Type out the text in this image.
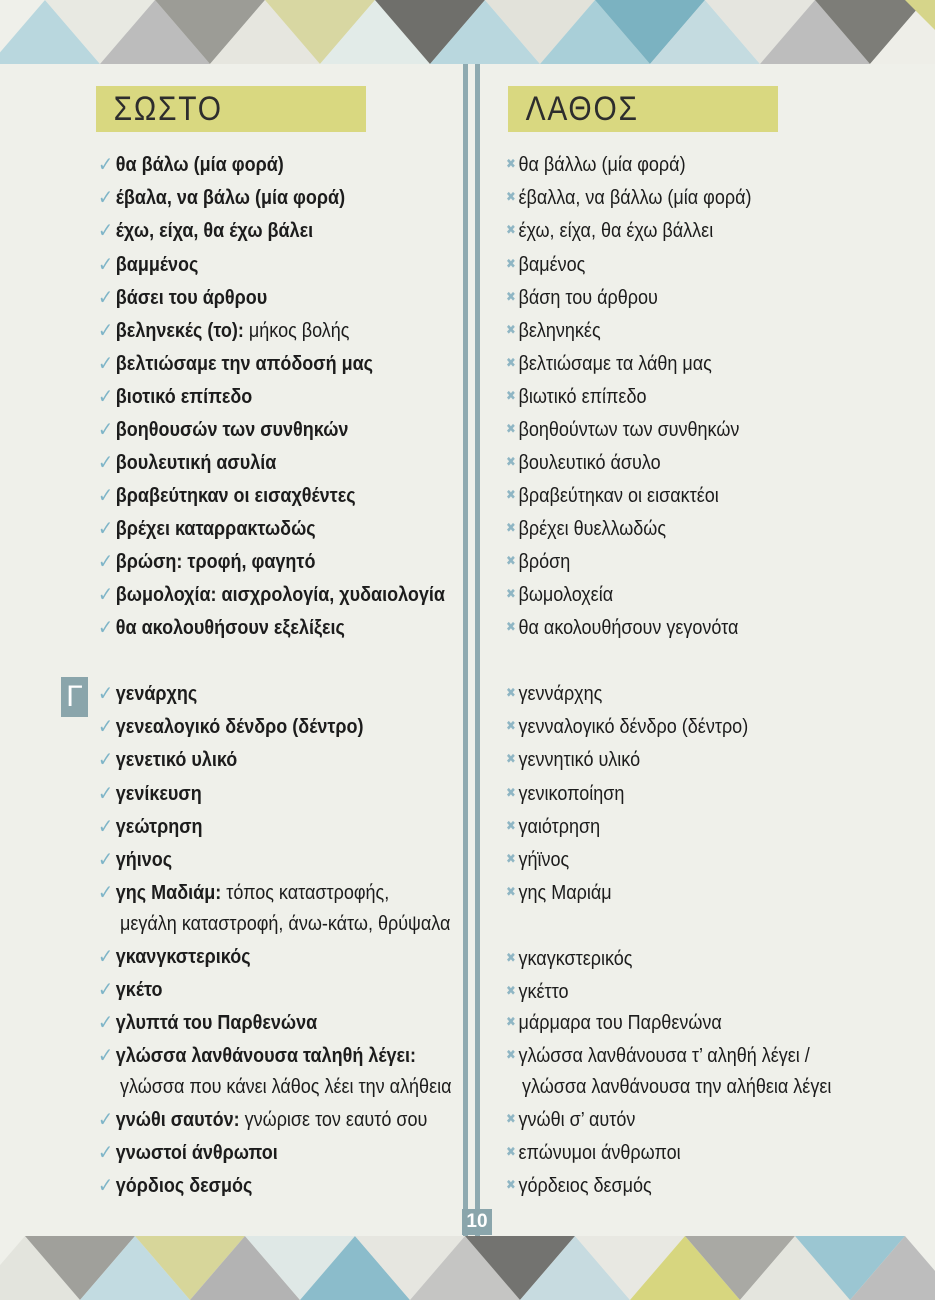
ΣΩΣΤΟ	ΛΑΘΟΣ
Γ
✓ θα βάλω (μία φορά)
✓ έβαλα, να βάλω (μία φορά)
✓ έχω, είχα, θα έχω βάλει
✓ βαμμένος
✓ βάσει του άρθρου
✓ βεληνεκές (το): μήκος βολής
✓ βελτιώσαμε την απόδοσή μας
✓ βιοτικό επίπεδο
✓ βοηθουσών των συνθηκών
✓ βουλευτική ασυλία
✓ βραβεύτηκαν οι εισαχθέντες
✓ βρέχει καταρρακτωδώς
✓ βρώση: τροφή, φαγητό
✓ βωμολοχία: αισχρολογία, χυδαιολογία
✓ θα ακολουθήσουν εξελίξεις
✓ γενάρχης
✓ γενεαλογικό δένδρο (δέντρο)
✓ γενετικό υλικό
✓ γενίκευση
✓ γεώτρηση
✓ γήινος
✓ γης Μαδιάμ: τόπος καταστροφής,
μεγάλη καταστροφή, άνω-κάτω, θρύψαλα
✓ γκανγκστερικός
✓ γκέτο
✓ γλυπτά του Παρθενώνα
✓ γλώσσα λανθάνουσα ταληθή λέγει:
γλώσσα που κάνει λάθος λέει την αλήθεια
✓ γνώθι σαυτόν: γνώρισε τον εαυτό σου
✓ γνωστοί άνθρωποι
✓ γόρδιος δεσμός
✖ θα βάλλω (μία φορά)
✖ έβαλλα, να βάλλω (μία φορά)
✖ έχω, είχα, θα έχω βάλλει
✖ βαμένος
✖ βάση του άρθρου
✖ βεληνηκές
✖ βελτιώσαμε τα λάθη μας
✖ βιωτικό επίπεδο
✖ βοηθούντων των συνθηκών
✖ βουλευτικό άσυλο
✖ βραβεύτηκαν οι εισακτέοι
✖ βρέχει θυελλωδώς
✖ βρόση
✖ βωμολοχεία
✖ θα ακολουθήσουν γεγονότα
✖ γεννάρχης
✖ γενναλογικό δένδρο (δέντρο)
✖ γεννητικό υλικό
✖ γενικοποίηση
✖ γαιότρηση
✖ γήϊνος
✖ γης Μαριάμ
✖ γκαγκστερικός
✖ γκέττο
✖ μάρμαρα του Παρθενώνα
✖ γλώσσα λανθάνουσα τ’ αληθή λέγει /
γλώσσα λανθάνουσα την αλήθεια λέγει
✖ γνώθι σ’ αυτόν
✖ επώνυμοι άνθρωποι
✖ γόρδειος δεσμός
10
